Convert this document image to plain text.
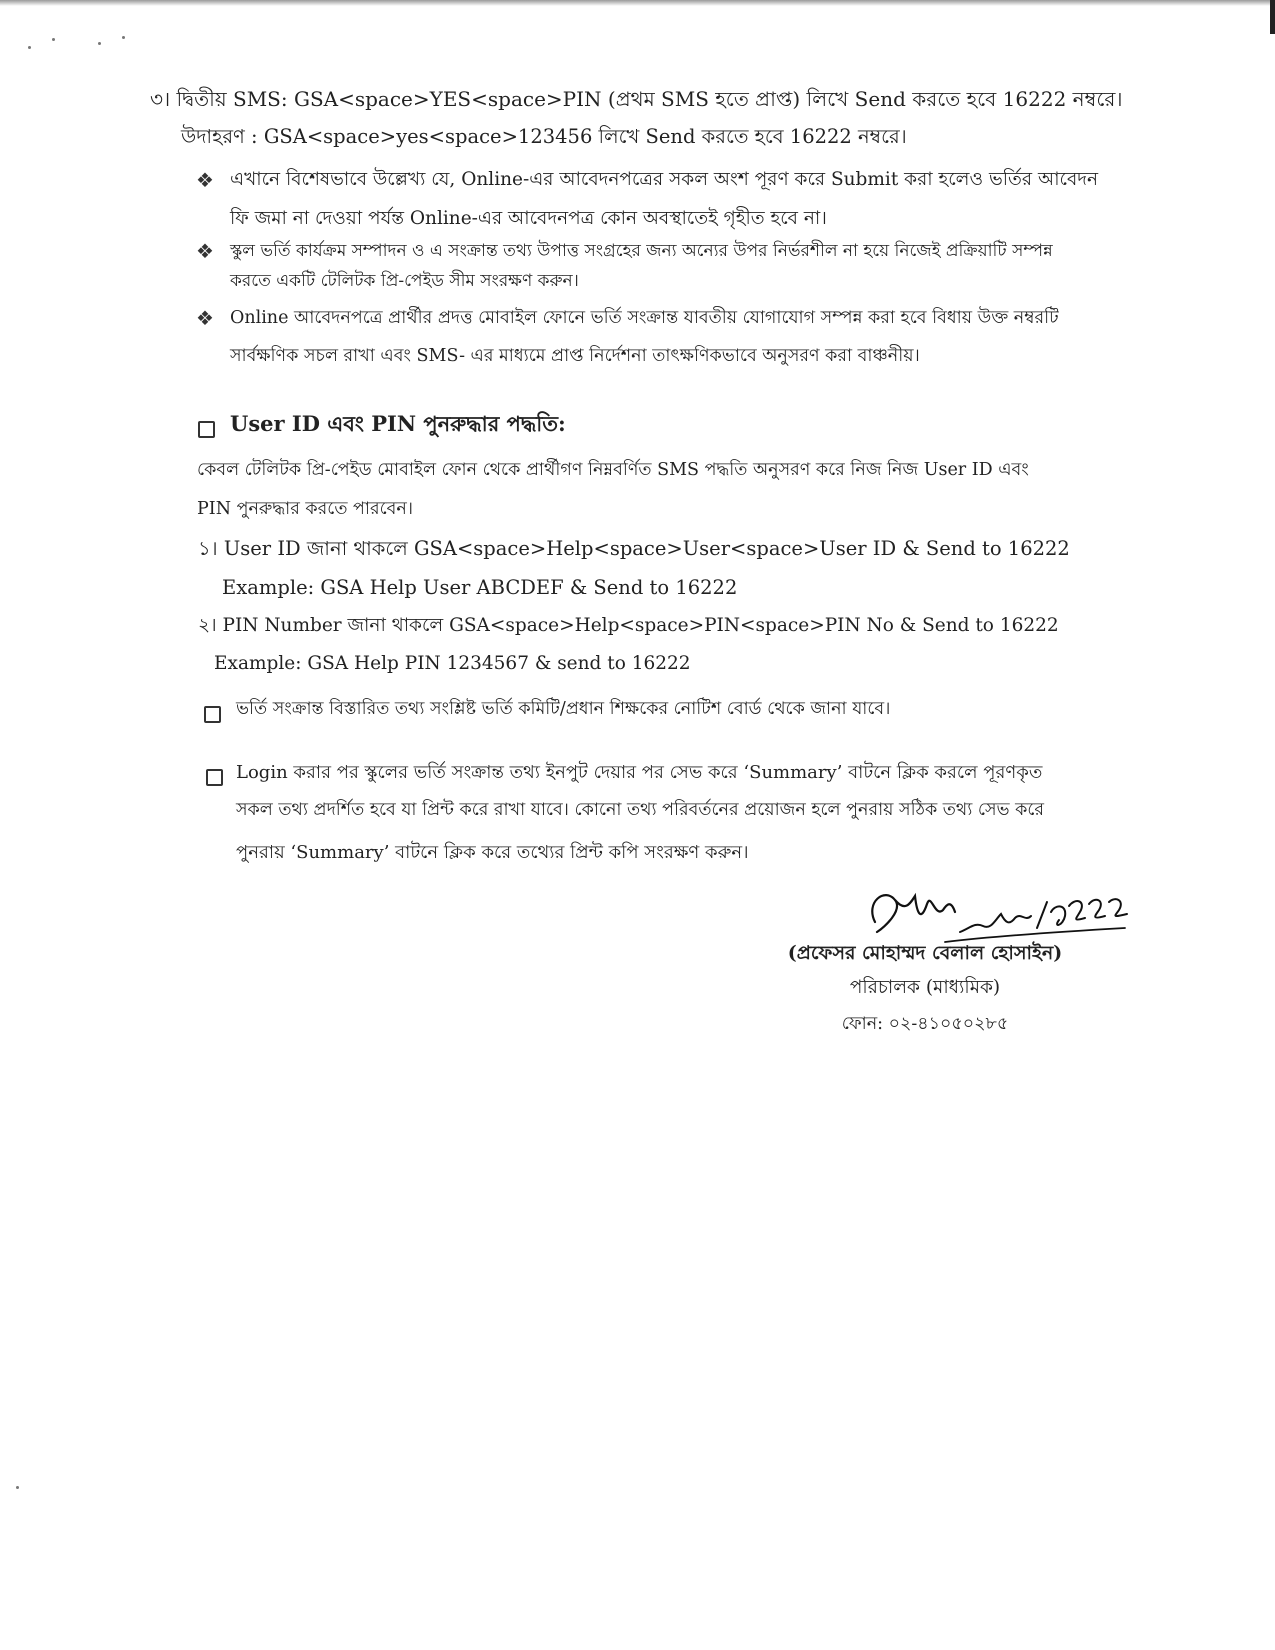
৩। দ্বিতীয় SMS: GSA<space>YES<space>PIN (প্রথম SMS হতে প্রাপ্ত) লিখে Send করতে হবে 16222 নম্বরে।
উদাহরণ : GSA<space>yes<space>123456 লিখে Send করতে হবে 16222 নম্বরে।
❖ এখানে বিশেষভাবে উল্লেখ্য যে, Online-এর আবেদনপত্রের সকল অংশ পূরণ করে Submit করা হলেও ভর্তির আবেদন
ফি জমা না দেওয়া পর্যন্ত Online-এর আবেদনপত্র কোন অবস্থাতেই গৃহীত হবে না।
❖ স্কুল ভর্তি কার্যক্রম সম্পাদন ও এ সংক্রান্ত তথ্য উপাত্ত সংগ্রহের জন্য অন্যের উপর নির্ভরশীল না হয়ে নিজেই প্রক্রিয়াটি সম্পন্ন
করতে একটি টেলিটক প্রি-পেইড সীম সংরক্ষণ করুন।
❖ Online আবেদনপত্রে প্রার্থীর প্রদত্ত মোবাইল ফোনে ভর্তি সংক্রান্ত যাবতীয় যোগাযোগ সম্পন্ন করা হবে বিধায় উক্ত নম্বরটি
সার্বক্ষণিক সচল রাখা এবং SMS- এর মাধ্যমে প্রাপ্ত নির্দেশনা তাৎক্ষণিকভাবে অনুসরণ করা বাঞ্চনীয়।
User ID এবং PIN পুনরুদ্ধার পদ্ধতি:
কেবল টেলিটক প্রি-পেইড মোবাইল ফোন থেকে প্রার্থীগণ নিম্নবর্ণিত SMS পদ্ধতি অনুসরণ করে নিজ নিজ User ID এবং
PIN পুনরুদ্ধার করতে পারবেন।
১। User ID জানা থাকলে GSA<space>Help<space>User<space>User ID & Send to 16222
Example: GSA Help User ABCDEF & Send to 16222
২। PIN Number জানা থাকলে GSA<space>Help<space>PIN<space>PIN No & Send to 16222
Example: GSA Help PIN 1234567 & send to 16222
ভর্তি সংক্রান্ত বিস্তারিত তথ্য সংশ্লিষ্ট ভর্তি কমিটি/প্রধান শিক্ষকের নোটিশ বোর্ড থেকে জানা যাবে।
Login করার পর স্কুলের ভর্তি সংক্রান্ত তথ্য ইনপুট দেয়ার পর সেভ করে ‘Summary’ বাটনে ক্লিক করলে পূরণকৃত
সকল তথ্য প্রদর্শিত হবে যা প্রিন্ট করে রাখা যাবে। কোনো তথ্য পরিবর্তনের প্রয়োজন হলে পুনরায় সঠিক তথ্য সেভ করে
পুনরায় ‘Summary’ বাটনে ক্লিক করে তথ্যের প্রিন্ট কপি সংরক্ষণ করুন।
(প্রফেসর মোহাম্মদ বেলাল হোসাইন)
পরিচালক (মাধ্যমিক)
ফোন: ০২-৪১০৫০২৮৫
